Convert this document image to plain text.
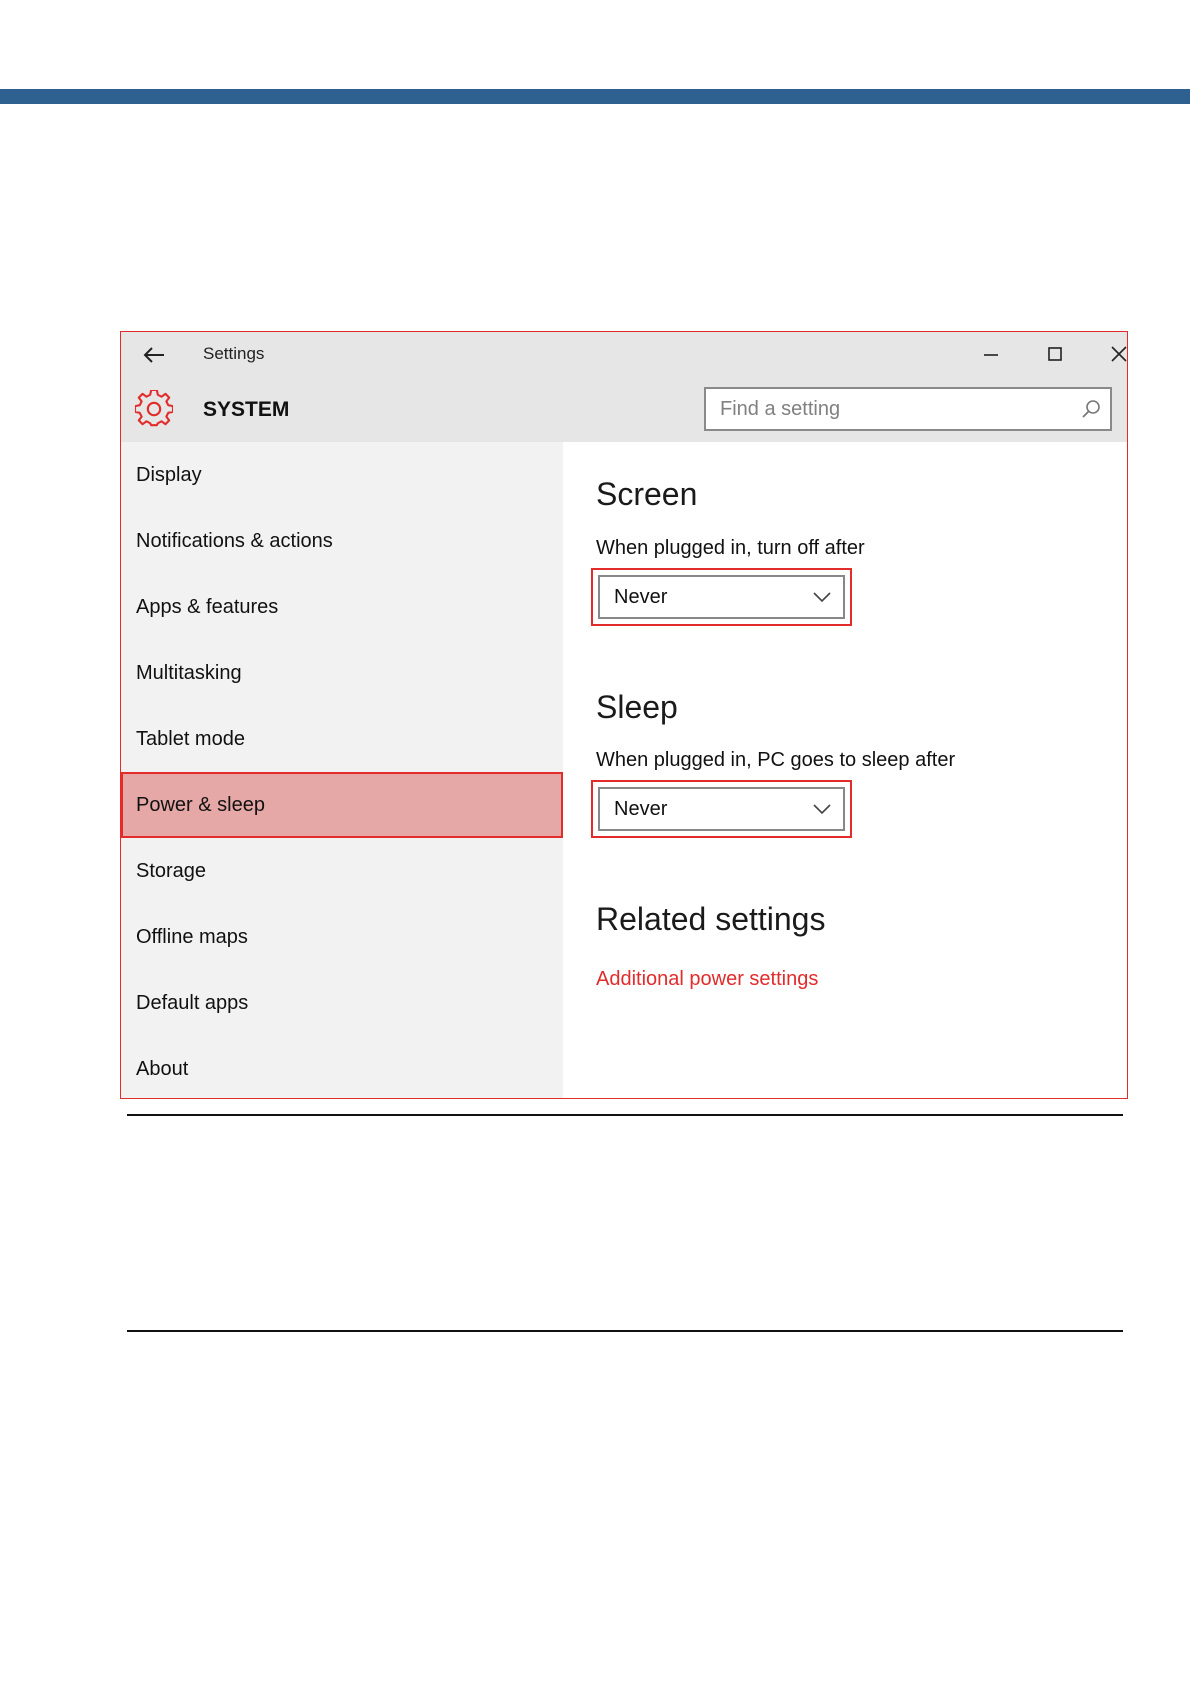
Settings
SYSTEM
Find a setting
Display
Notifications & actions
Apps & features
Multitasking
Tablet mode
Power & sleep
Storage
Offline maps
Default apps
About
Screen
When plugged in, turn off after
Never
Sleep
When plugged in, PC goes to sleep after
Never
Related settings
Additional power settings
